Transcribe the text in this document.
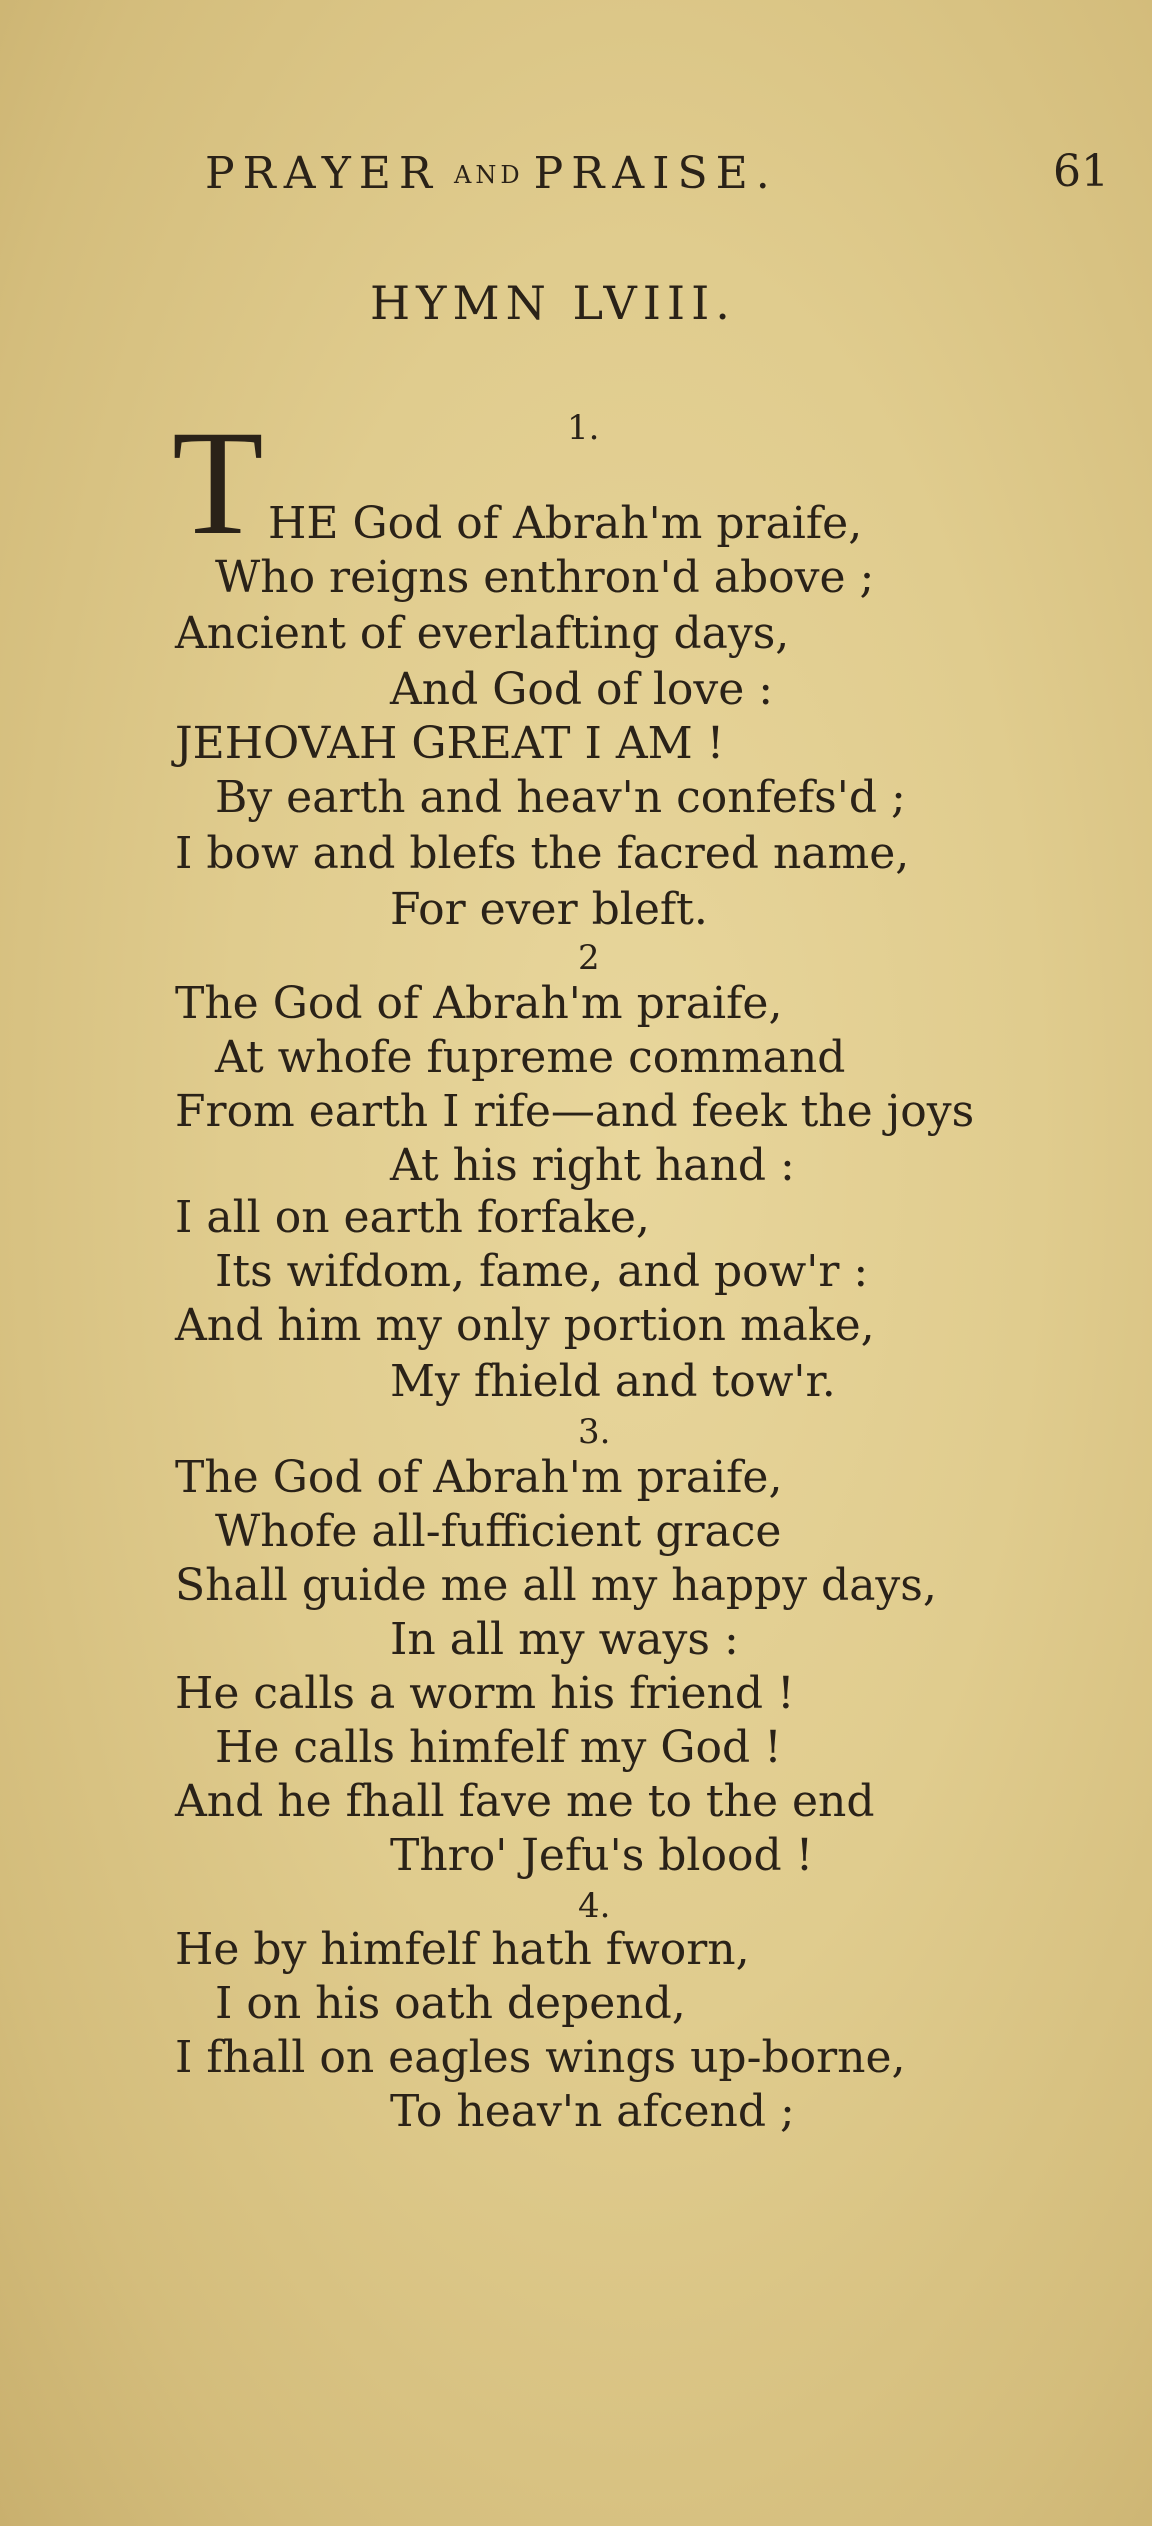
PRAYER AND PRAISE.	61
HYMN LVIII.
1.
T HE God of Abrah'm praife,
Who reigns enthron'd above ;
Ancient of everlafting days,
And God of love :
JEHOVAH GREAT I AM !
By earth and heav'n confefs'd ;
I bow and blefs the facred name,
For ever bleft.
2
The God of Abrah'm praife,
At whofe fupreme command
From earth I rife—and feek the joys
At his right hand :
I all on earth forfake,
Its wifdom, fame, and pow'r :
And him my only portion make,
My fhield and tow'r.
3.
The God of Abrah'm praife,
Whofe all-fufficient grace
Shall guide me all my happy days,
In all my ways :
He calls a worm his friend !
He calls himfelf my God !
And he fhall fave me to the end
Thro' Jefu's blood !
4.
He by himfelf hath fworn,
I on his oath depend,
I fhall on eagles wings up-borne,
To heav'n afcend ;
